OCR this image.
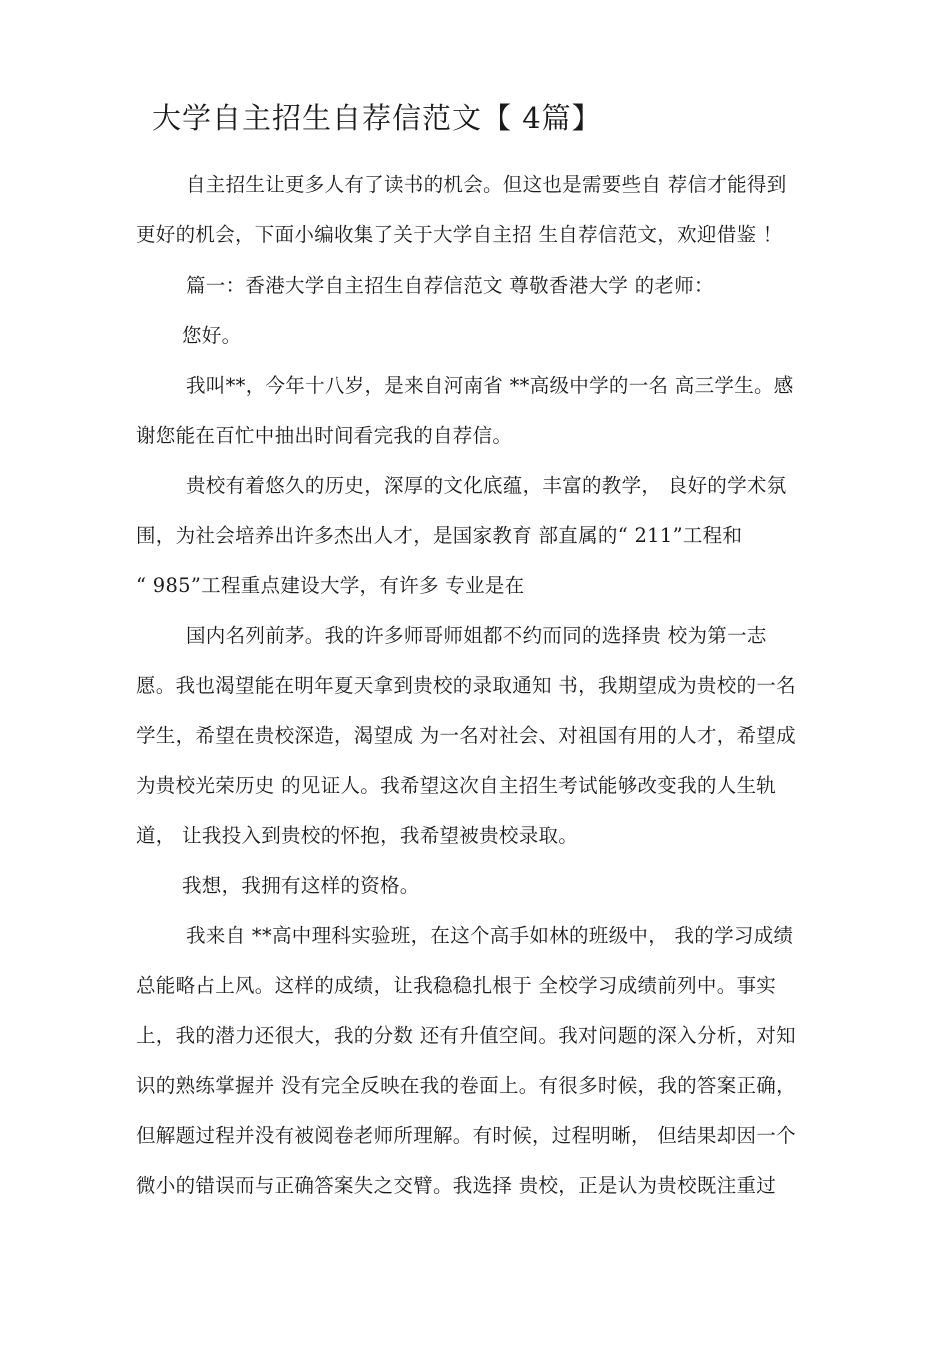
大学自主招生自荐信范文【 4篇】
自主招生让更多人有了读书的机会。但这也是需要些自 荐信才能得到
更好的机会，下面小编收集了关于大学自主招 生自荐信范文，欢迎借鉴 ！
篇一：香港大学自主招生自荐信范文 尊敬香港大学 的老师：
您好。
我叫**，今年十八岁，是来自河南省 **高级中学的一名 高三学生。感
谢您能在百忙中抽出时间看完我的自荐信。
贵校有着悠久的历史，深厚的文化底蕴，丰富的教学， 良好的学术氛
围，为社会培养出许多杰出人才，是国家教育 部直属的“ 211”工程和
“ 985”工程重点建设大学，有许多 专业是在
国内名列前茅。我的许多师哥师姐都不约而同的选择贵 校为第一志
愿。我也渴望能在明年夏天拿到贵校的录取通知 书，我期望成为贵校的一名
学生，希望在贵校深造，渴望成 为一名对社会、对祖国有用的人才，希望成
为贵校光荣历史 的见证人。我希望这次自主招生考试能够改变我的人生轨
道， 让我投入到贵校的怀抱，我希望被贵校录取。
我想，我拥有这样的资格。
我来自 **高中理科实验班，在这个高手如林的班级中， 我的学习成绩
总能略占上风。这样的成绩，让我稳稳扎根于 全校学习成绩前列中。事实
上，我的潜力还很大，我的分数 还有升值空间。我对问题的深入分析，对知
识的熟练掌握并 没有完全反映在我的卷面上。有很多时候，我的答案正确，
但解题过程并没有被阅卷老师所理解。有时候，过程明晰， 但结果却因一个
微小的错误而与正确答案失之交臂。我选择 贵校，正是认为贵校既注重过
